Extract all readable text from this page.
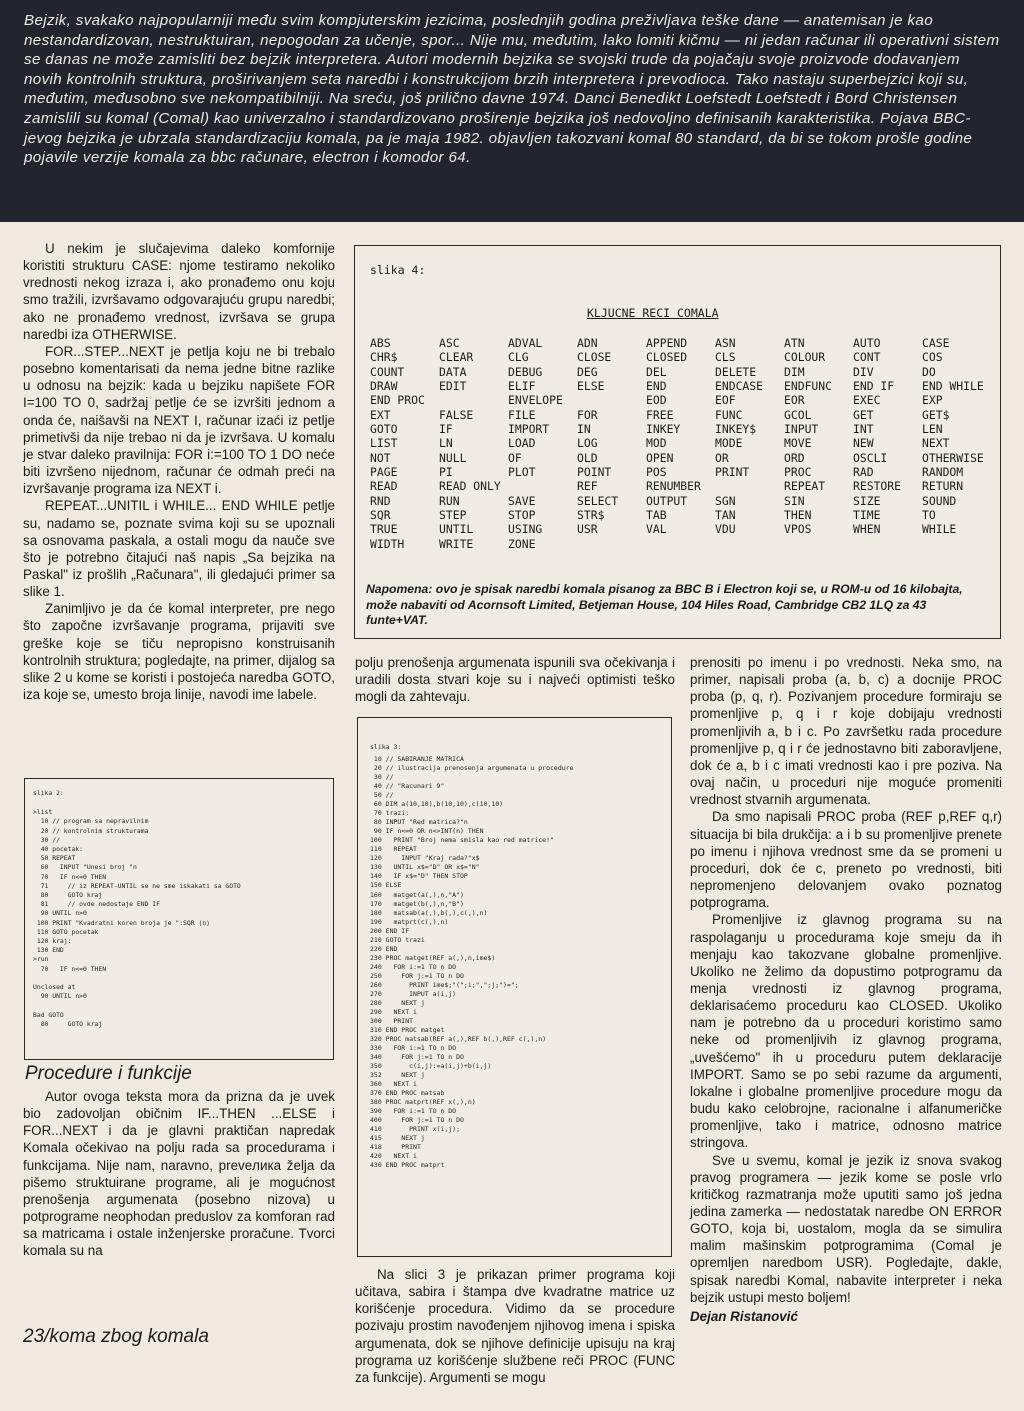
Bejzik, svakako najpopularniji među svim kompjuterskim jezicima, poslednjih godina preživljava teške dane — anatemisan je kao nestandardizovan, nestruktuiran, nepogodan za učenje, spor... Nije mu, međutim, lako lomiti kičmu — ni jedan računar ili operativni sistem se danas ne može zamisliti bez bejzik interpretera. Autori modernih bejzika se svojski trude da pojačaju svoje proizvode dodavanjem novih kontrolnih struktura, proširivanjem seta naredbi i konstrukcijom brzih interpretera i prevodioca. Tako nastaju superbejzici koji su, međutim, međusobno sve nekompatibilniji. Na sreću, još prilično davne 1974. Danci Benedikt Loefstedt Loefstedt i Bord Christensen zamislili su komal (Comal) kao univerzalno i standardizovano proširenje bejzika još nedovoljno definisanih karakteristika. Pojava BBC-jevog bejzika je ubrzala standardizaciju komala, pa je maja 1982. objavljen takozvani komal 80 standard, da bi se tokom prošle godine pojavile verzije komala za bbc računare, electron i komodor 64.

U nekim je slučajevima daleko komfornije koristiti strukturu CASE: njome testiramo nekoliko vrednosti nekog izraza i, ako pronađemo onu koju smo tražili, izvršavamo odgovarajuću grupu naredbi; ako ne pronađemo vrednost, izvršava se grupa naredbi iza OTHERWISE.

FOR...STEP...NEXT je petlja koju ne bi trebalo posebno komentarisati da nema jedne bitne razlike u odnosu na bejzik: kada u bejziku napišete FOR I=100 TO 0, sadržaj petlje će se izvršiti jednom a onda će, naišavši na NEXT I, računar izaći iz petlje primetivši da nije trebao ni da je izvršava. U komalu je stvar daleko pravilnija: FOR i:=100 TO 1 DO neće biti izvršeno nijednom, računar će odmah preći na izvršavanje programa iza NEXT i.

REPEAT...UNITIL i WHILE... END WHILE petlje su, nadamo se, poznate svima koji su se upoznali sa osnovama paskala, a ostali mogu da nauče sve što je potrebno čitajući naš napis „Sa bejzika na Paskal" iz prošlih „Računara", ili gledajući primer sa slike 1.

Zanimljivo je da će komal interpreter, pre nego što započne izvršavanje programa, prijaviti sve greške koje se tiču nepropisno konstruisanih kontrolnih struktura; pogledajte, na primer, dijalog sa slike 2 u kome se koristi i postojeća naredba GOTO, iza koje se, umesto broja linije, navodi ime labele.

slika 2:
>list
10 // program sa nepravilnim
20 // kontrolnim strukturama
30 //
40 pocetak:
50 REPEAT
60   INPUT "Unesi broj "n
70   IF n<=0 THEN
71     // iz REPEAT-UNTIL se ne sme iskakati sa GOTO
80     GOTO kraj
81     // ovde nedostaje END IF
90 UNTIL n>0
100 PRINT "Kvadratni koren broja je ":SQR (n)
110 GOTO pocetak
120 kraj:
130 END
>run
70   IF n<=0 THEN

Unclosed at
90 UNTIL n>0

Bad GOTO
80     GOTO kraj
Procedure i funkcije

Autor ovoga teksta mora da prizna da je uvek bio zadovoljan običnim IF...THEN ...ELSE i FOR...NEXT i da je glavni praktičan napredak Komala očekivao na polju rada sa procedurama i funkcijama. Nije nam, naravno, preveлика želja da pišemo struktuirane programe, ali je mogućnost prenošenja argumenata (posebno nizova) u potprograme neophodan preduslov za komforan rad sa matricama i ostale inženjerske proračune. Tvorci komala su na

23/koma zbog komala
slika 4:
KLJUCNE RECI COMALA
ABS	ASC	ADVAL	ADN	APPEND	ASN	ATN	AUTO	CASE
CHR$	CLEAR	CLG	CLOSE	CLOSED	CLS	COLOUR	CONT	COS
COUNT	DATA	DEBUG	DEG	DEL	DELETE	DIM	DIV	DO
DRAW	EDIT	ELIF	ELSE	END	ENDCASE	ENDFUNC	END IF	END WHILE
END PROC		ENVELOPE		EOD	EOF	EOR	EXEC	EXP
EXT	FALSE	FILE	FOR	FREE	FUNC	GCOL	GET	GET$
GOTO	IF	IMPORT	IN	INKEY	INKEY$	INPUT	INT	LEN
LIST	LN	LOAD	LOG	MOD	MODE	MOVE	NEW	NEXT
NOT	NULL	OF	OLD	OPEN	OR	ORD	OSCLI	OTHERWISE
PAGE	PI	PLOT	POINT	POS	PRINT	PROC	RAD	RANDOM
READ	READ ONLY		REF	RENUMBER		REPEAT	RESTORE	RETURN
RND	RUN	SAVE	SELECT	OUTPUT	SGN	SIN	SIZE	SOUND
SQR	STEP	STOP	STR$	TAB	TAN	THEN	TIME	TO
TRUE	UNTIL	USING	USR	VAL	VDU	VPOS	WHEN	WHILE
WIDTH	WRITE	ZONE						
Napomena: ovo je spisak naredbi komala pisanog za BBC B i Electron koji se, u ROM-u od 16 kilobajta, može nabaviti od Acornsoft Limited, Betjeman House, 104 Hiles Road, Cambridge CB2 1LQ za 43 funte+VAT.

polju prenošenja argumenata ispunili sva očekivanja i uradili dosta stvari koje su i najveći optimisti teško mogli da zahtevaju.

slika 3:
10 // SABIRANJE MATRICA
20 // ilustracija prenosenja argumenata u procedure
30 //
40 // "Racunari 9"
50 //
60 DIM a(10,10),b(10,10),c(10,10)
70 trazi:
80 INPUT "Red matrica?"n
90 IF n<=0 OR n<>INT(n) THEN
100   PRINT "Broj nema smisla kao red matrice!"
110   REPEAT
120     INPUT "Kraj rada?"x$
130   UNTIL x$="D" OR x$="N"
140   IF x$="D" THEN STOP
150 ELSE
160   matget(a(,),n,"A")
170   matget(b(,),n,"B")
180   matsab(a(,),b(,),c(,),n)
190   matprt(c(,),n)
200 END IF
210 GOTO trazi
220 END
230 PROC matget(REF a(,),n,ime$)
240   FOR i:=1 TO n DO
250     FOR j:=1 TO n DO
260       PRINT ime$;"(";i;",";j;")=";
270       INPUT a(i,j)
280     NEXT j
290   NEXT i
300   PRINT
310 END PROC matget
320 PROC matsab(REF a(,),REF b(,),REF c(,),n)
330   FOR i:=1 TO n DO
340     FOR j:=1 TO n DO
350       c(i,j):=a(i,j)+b(i,j)
352     NEXT j
360   NEXT i
370 END PROC matsab
380 PROC matprt(REF x(,),n)
390   FOR i:=1 TO n DO
400     FOR j:=1 TO n DO
410       PRINT x(i,j);
415     NEXT j
418     PRINT
420   NEXT i
430 END PROC matprt

Na slici 3 je prikazan primer programa koji učitava, sabira i štampa dve kvadratne matrice uz korišćenje procedura. Vidimo da se procedure pozivaju prostim navođenjem njihovog imena i spiska argumenata, dok se njihove definicije upisuju na kraj programa uz korišćenje službene reči PROC (FUNC za funkcije). Argumenti se mogu

prenositi po imenu i po vrednosti. Neka smo, na primer, napisali proba (a, b, c) a docnije PROC proba (p, q, r). Pozivanjem procedure formiraju se promenljive p, q i r koje dobijaju vrednosti promenljivih a, b i c. Po završetku rada procedure promenljive p, q i r će jednostavno biti zaboravljene, dok će a, b i c imati vrednosti kao i pre poziva. Na ovaj način, u proceduri nije moguće promeniti vrednost stvarnih argumenata.

Da smo napisali PROC proba (REF p,REF q,r) situacija bi bila drukčija: a i b su promenljive prenete po imenu i njihova vrednost sme da se promeni u proceduri, dok će c, preneto po vrednosti, biti nepromenjeno delovanjem ovako poznatog potprograma.

Promenljive iz glavnog programa su na raspolaganju u procedurama koje smeju da ih menjaju kao takozvane globalne promenljive. Ukoliko ne želimo da dopustimo potprogramu da menja vrednosti iz glavnog programa, deklarisaćemo proceduru kao CLOSED. Ukoliko nam je potrebno da u proceduri koristimo samo neke od promenljivih iz glavnog programa, „uvešćemo" ih u proceduru putem deklaracije IMPORT. Samo se po sebi razume da argumenti, lokalne i globalne promenljive procedure mogu da budu kako celobrojne, racionalne i alfanumeričke promenljive, tako i matrice, odnosno matrice stringova.

Sve u svemu, komal je jezik iz snova svakog pravog programera — jezik kome se posle vrlo kritičkog razmatranja može uputiti samo još jedna jedina zamerka — nedostatak naredbe ON ERROR GOTO, koja bi, uostalom, mogla da se simulira malim mašinskim potprogramima (Comal je opremljen naredbom USR). Pogledajte, dakle, spisak naredbi Komal, nabavite interpreter i neka bejzik ustupi mesto boljem!

Dejan Ristanović
